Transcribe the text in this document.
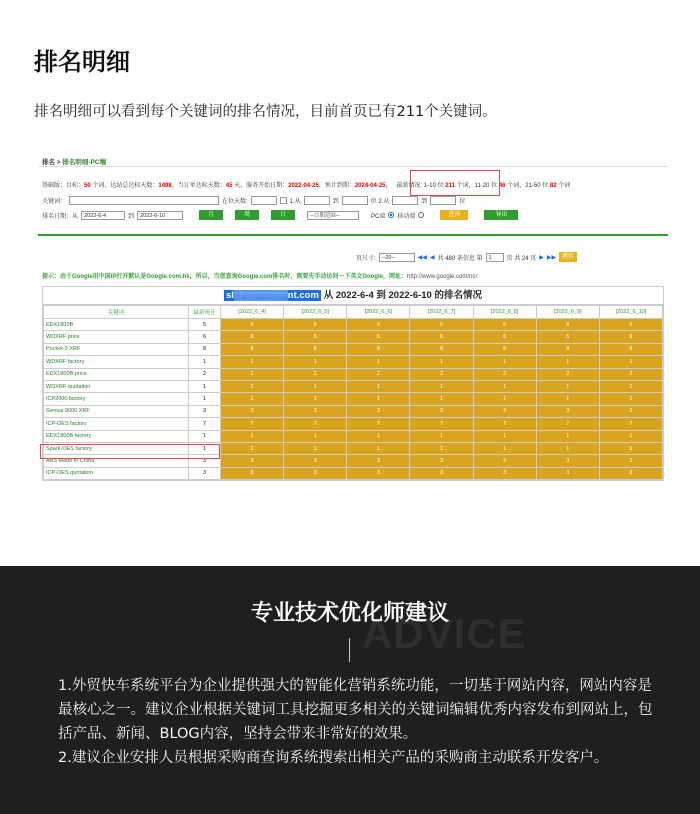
排名明细
排名明细可以看到每个关键词的排名情况，目前首页已有211个关键词。
排名 > 排名明细-PC端
基础版：目标：50 个词，达站总达标天数：1498，当订单达标天数：45 天，服务开始日期：2022-04-25，预计到期：2024-04-25， 最新情况: 1-10 位 211 个词，11-20 位 46 个词，21-50 位 82 个词
关键词：	在位天数:	1.从	到	位 2.从	到	位
排名日期：从	2022-6-4	到	2022-6-10	月	周	日	--日期范围--	PC端 移动端	查询	导出
页尺寸:	--20--	◀◀ ◀ 共 480 条信息 第	1	页 共 24 页 ▶ ▶▶ 跳转
提示：由于Google用中国IP打开默认是Google.com.hk，所以，当您查询Google.com排名时，需要先手动访问一下英文Google，网址：http://www.google.com/ncr
sl▒▒▒▒▒▒▒▒nt.com 从 2022-6-4 到 2022-6-10 的排名情况
关键词	最新统计	[2022_6_4]	[2022_6_5]	[2022_6_6]	[2022_6_7]	[2022_6_8]	[2022_6_9]	[2022_6_10]
EDX1800B	5	5	5	5	5	5	5	5
WDXRF price	6	6	6	6	6	6	6	6
Pocket-3 XRF	8	8	8	8	8	8	8	8
WDXRF factory	1	1	1	1	1	1	1	1
EDX1800B price	2	2	2	2	2	2	2	2
WDXRF quotation	1	1	1	1	1	1	1	1
ICP2000 factory	1	1	1	1	1	1	1	1
Genius 9000 XRF	3	3	3	3	3	3	3	3
ICP-OES factory	7	7	7	7	7	7	7	7
EDX1800B factory	1	1	1	1	1	1	1	1
Spark-OES factory	1	1	1	1	1	1	1	1
AAS Made in China	3	3	3	3	3	3	3	3
ICP-OES quotation	3	3	3	3	3	3	3	3
ADVICE
专业技术优化师建议
1.外贸快车系统平台为企业提供强大的智能化营销系统功能，一切基于网站内容，网站内容是最核心之一。建议企业根据关键词工具挖掘更多相关的关键词编辑优秀内容发布到网站上，包括产品、新闻、BLOG内容，坚持会带来非常好的效果。
2.建议企业安排人员根据采购商查询系统搜索出相关产品的采购商主动联系开发客户。
